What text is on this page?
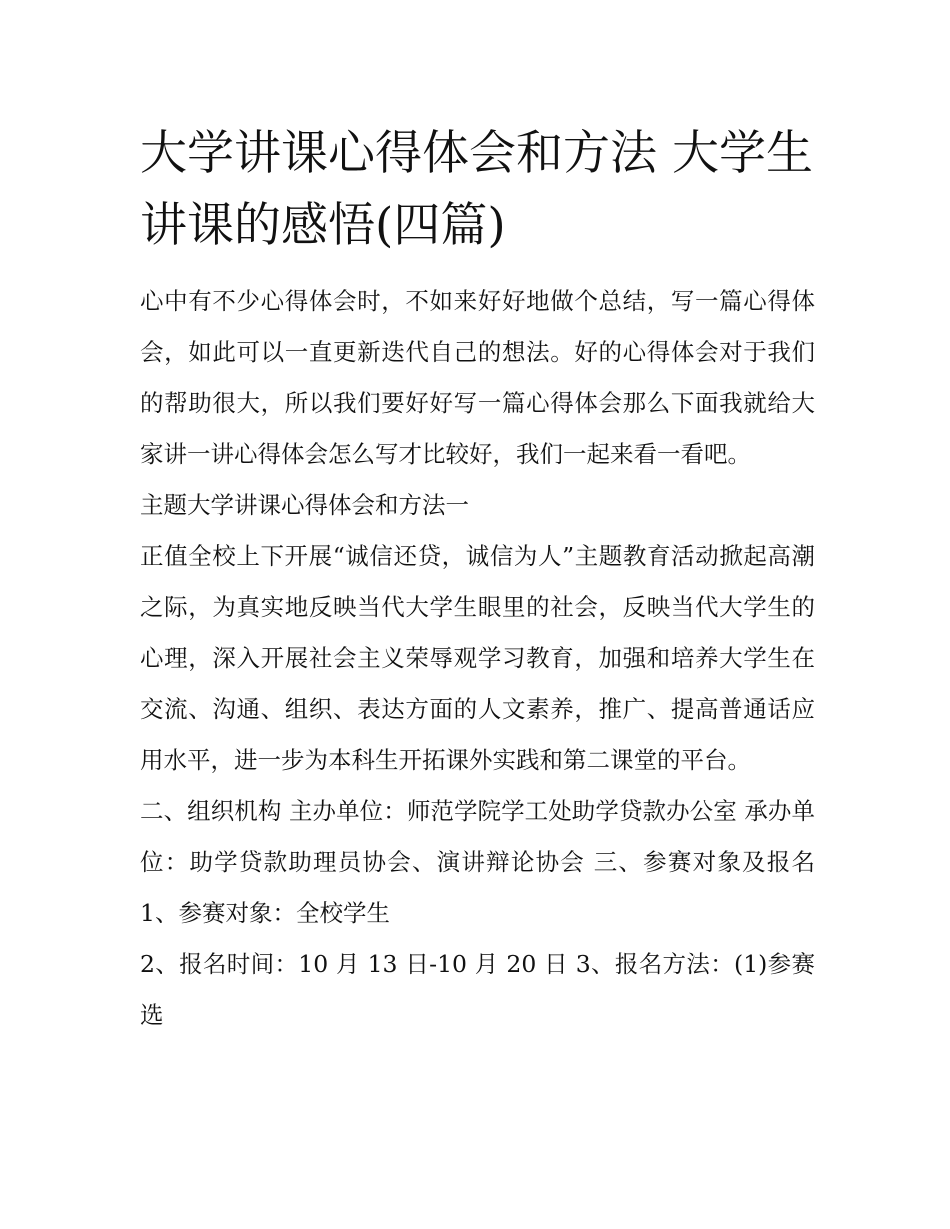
大学讲课心得体会和方法 大学生讲课的感悟(四篇)

心中有不少心得体会时，不如来好好地做个总结，写一篇心得体会，如此可以一直更新迭代自己的想法。好的心得体会对于我们的帮助很大，所以我们要好好写一篇心得体会那么下面我就给大家讲一讲心得体会怎么写才比较好，我们一起来看一看吧。

主题大学讲课心得体会和方法一

正值全校上下开展“诚信还贷，诚信为人”主题教育活动掀起高潮之际，为真实地反映当代大学生眼里的社会，反映当代大学生的心理，深入开展社会主义荣辱观学习教育，加强和培养大学生在交流、沟通、组织、表达方面的人文素养，推广、提高普通话应用水平，进一步为本科生开拓课外实践和第二课堂的平台。

二、组织机构 主办单位：师范学院学工处助学贷款办公室 承办单位：助学贷款助理员协会、演讲辩论协会 三、参赛对象及报名 1、参赛对象：全校学生

2、报名时间：10 月 13 日-10 月 20 日 3、报名方法：(1)参赛选
